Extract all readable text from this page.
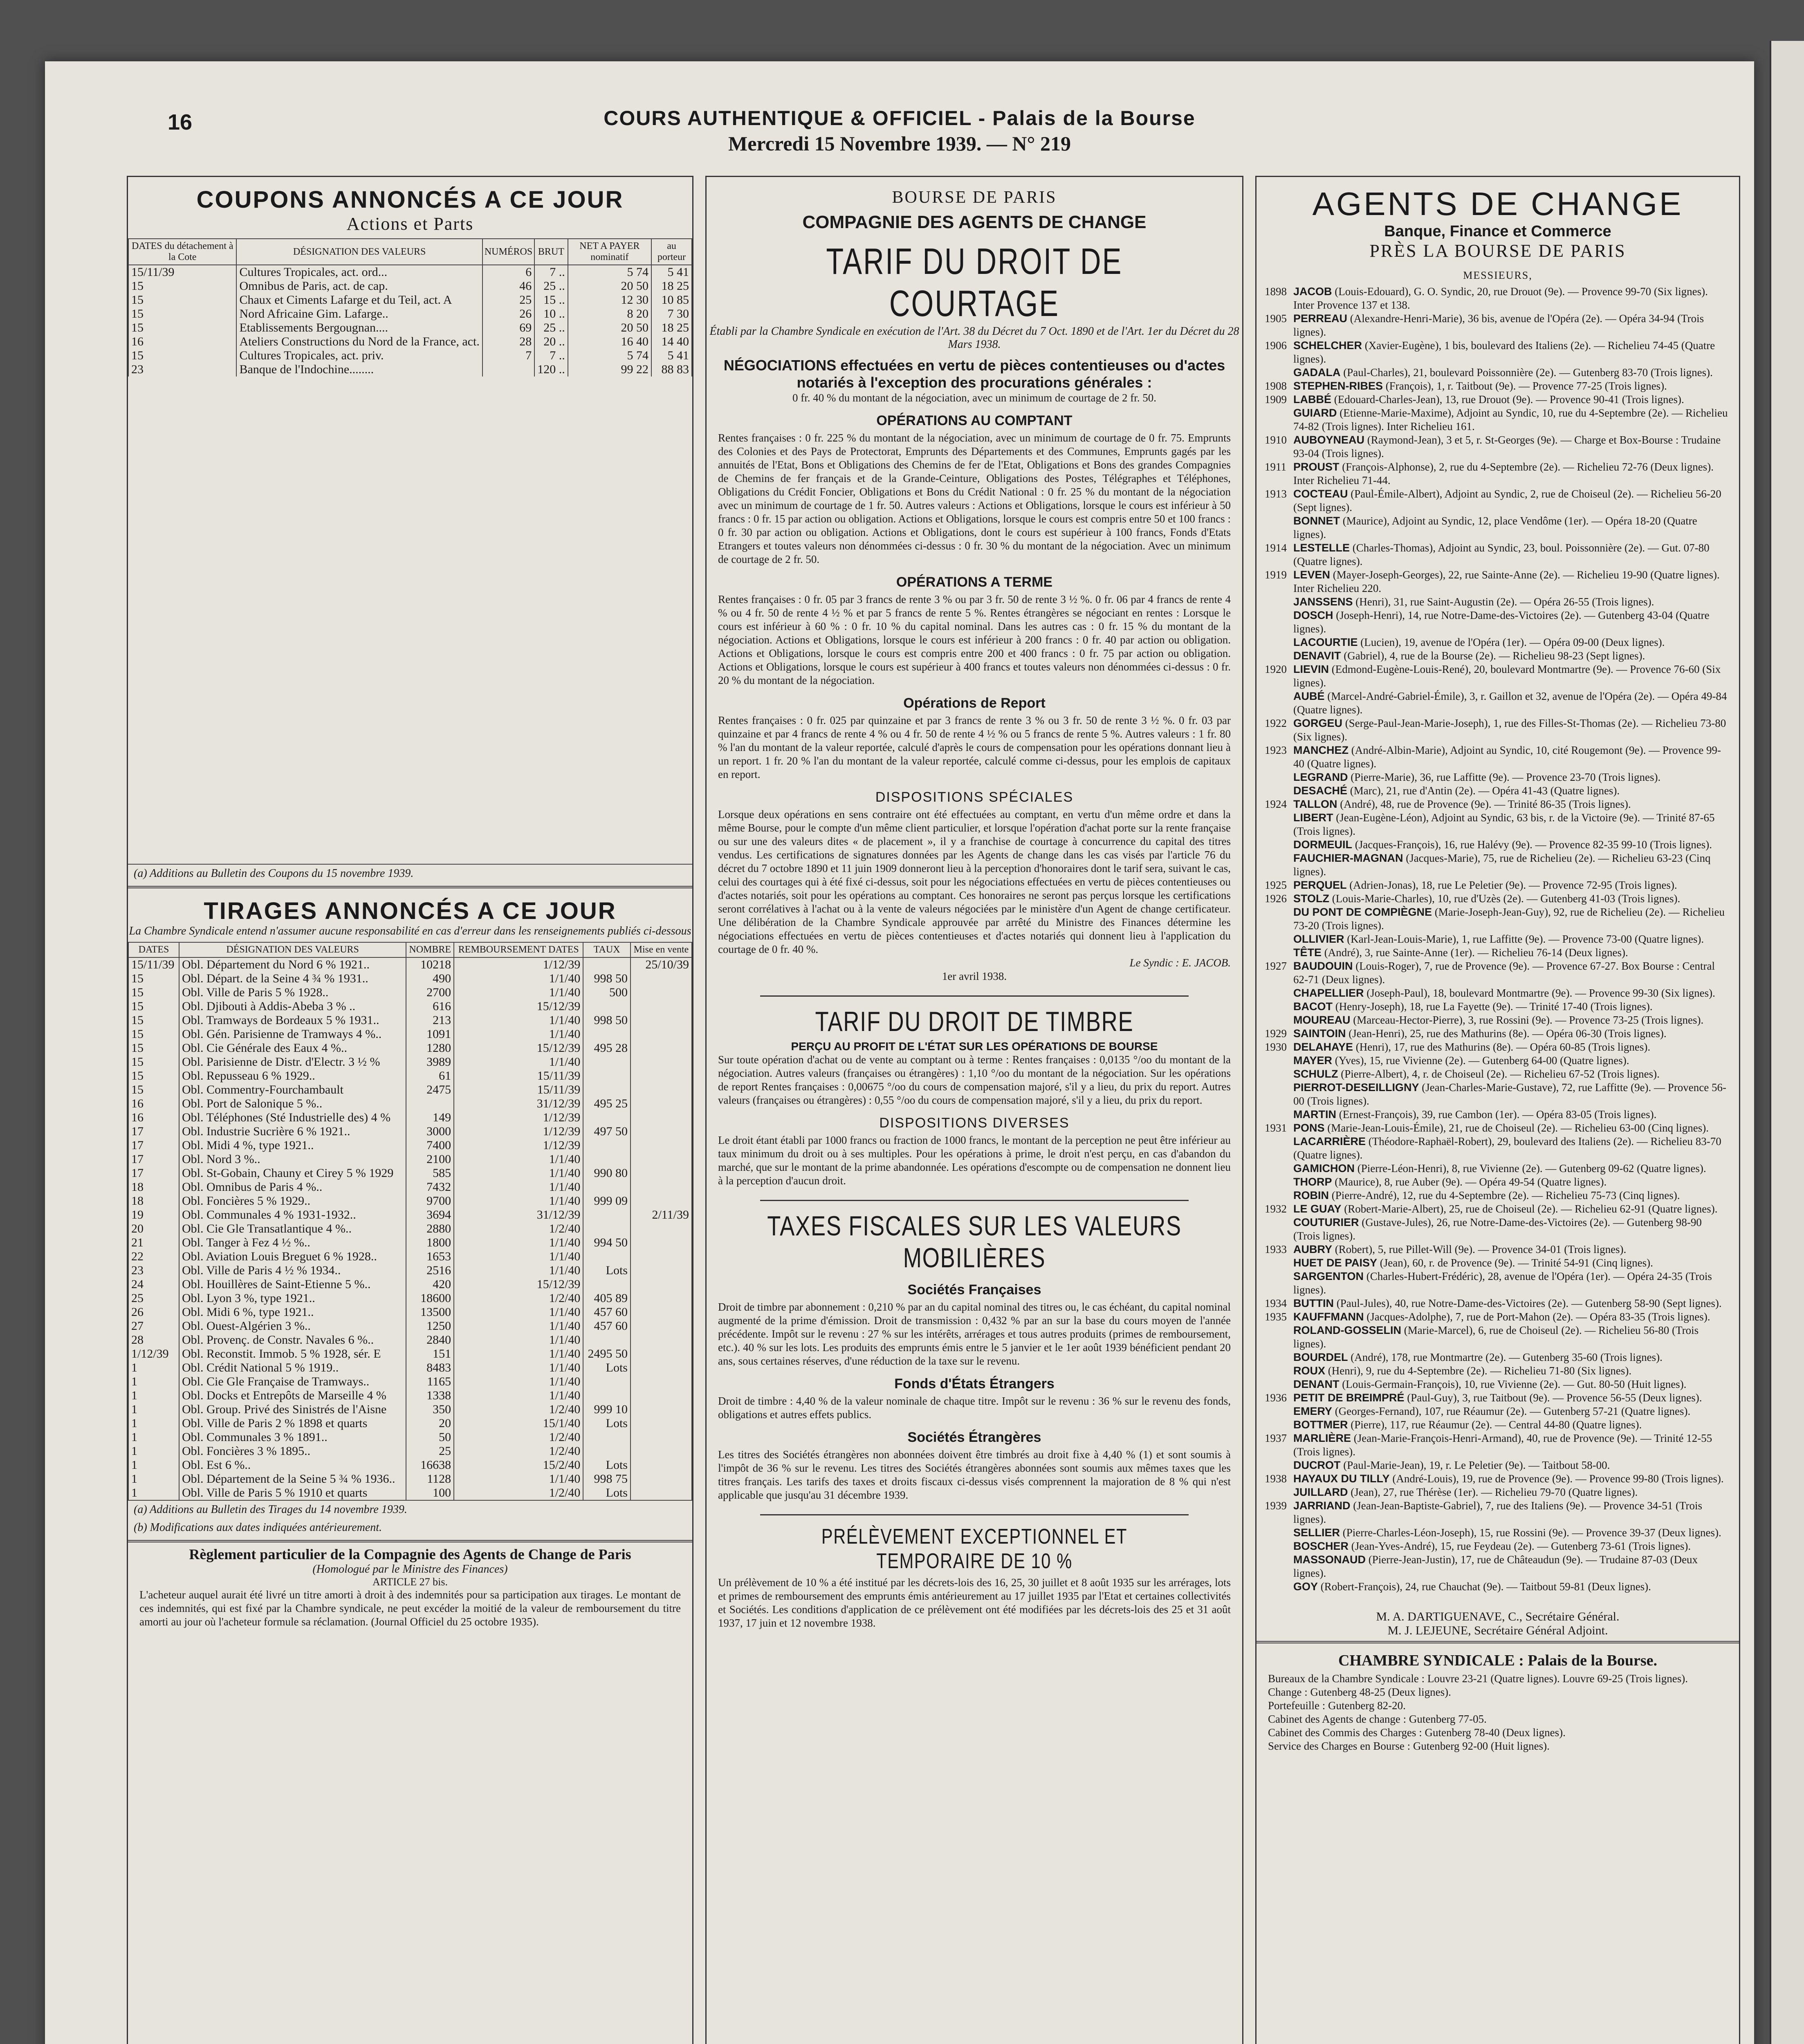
16	COURS AUTHENTIQUE & OFFICIEL - Palais de la Bourse
Mercredi 15 Novembre 1939. — N° 219
COUPONS ANNONCÉS A CE JOUR
Actions et Parts
DATES du détachement à la Cote	DÉSIGNATION DES VALEURS	NUMÉROS	BRUT	NET A PAYER nominatif	au porteur
15/11/39	Cultures Tropicales, act. ord...	6	7 ..	5 74	5 41
15	Omnibus de Paris, act. de cap.	46	25 ..	20 50	18 25
15	Chaux et Ciments Lafarge et du Teil, act. A	25	15 ..	12 30	10 85
15	Nord Africaine Gim. Lafarge..	26	10 ..	8 20	7 30
15	Etablissements Bergougnan....	69	25 ..	20 50	18 25
16	Ateliers Constructions du Nord de la France, act.	28	20 ..	16 40	14 40
15	Cultures Tropicales, act. priv.	7	7 ..	5 74	5 41
23	Banque de l'Indochine........		120 ..	99 22	88 83
(a) Additions au Bulletin des Coupons du 15 novembre 1939.
TIRAGES ANNONCÉS A CE JOUR
La Chambre Syndicale entend n'assumer aucune responsabilité en cas d'erreur dans les renseignements publiés ci-dessous
DATES	DÉSIGNATION DES VALEURS	NOMBRE	REMBOURSEMENT DATES	TAUX	Mise en vente
15/11/39	Obl. Département du Nord 6 % 1921..	10218	1/12/39		25/10/39
15	Obl. Départ. de la Seine 4 ¾ % 1931..	490	1/1/40	998 50	
15	Obl. Ville de Paris 5 % 1928..	2700	1/1/40	500	
15	Obl. Djibouti à Addis-Abeba 3 % ..	616	15/12/39		
15	Obl. Tramways de Bordeaux 5 % 1931..	213	1/1/40	998 50	
15	Obl. Gén. Parisienne de Tramways 4 %..	1091	1/1/40		
15	Obl. Cie Générale des Eaux 4 %..	1280	15/12/39	495 28	
15	Obl. Parisienne de Distr. d'Electr. 3 ½ %	3989	1/1/40		
15	Obl. Repusseau 6 % 1929..	61	15/11/39		
15	Obl. Commentry-Fourchambault	2475	15/11/39		
16	Obl. Port de Salonique 5 %..		31/12/39	495 25	
16	Obl. Téléphones (Sté Industrielle des) 4 %	149	1/12/39		
17	Obl. Industrie Sucrière 6 % 1921..	3000	1/12/39	497 50	
17	Obl. Midi 4 %, type 1921..	7400	1/12/39		
17	Obl. Nord 3 %..	2100	1/1/40		
17	Obl. St-Gobain, Chauny et Cirey 5 % 1929	585	1/1/40	990 80	
18	Obl. Omnibus de Paris 4 %..	7432	1/1/40		
18	Obl. Foncières 5 % 1929..	9700	1/1/40	999 09	
19	Obl. Communales 4 % 1931-1932..	3694	31/12/39		2/11/39
20	Obl. Cie Gle Transatlantique 4 %..	2880	1/2/40		
21	Obl. Tanger à Fez 4 ½ %..	1800	1/1/40	994 50	
22	Obl. Aviation Louis Breguet 6 % 1928..	1653	1/1/40		
23	Obl. Ville de Paris 4 ½ % 1934..	2516	1/1/40	Lots	
24	Obl. Houillères de Saint-Etienne 5 %..	420	15/12/39		
25	Obl. Lyon 3 %, type 1921..	18600	1/2/40	405 89	
26	Obl. Midi 6 %, type 1921..	13500	1/1/40	457 60	
27	Obl. Ouest-Algérien 3 %..	1250	1/1/40	457 60	
28	Obl. Provenç. de Constr. Navales 6 %..	2840	1/1/40		
1/12/39	Obl. Reconstit. Immob. 5 % 1928, sér. E	151	1/1/40	2495 50	
1	Obl. Crédit National 5 % 1919..	8483	1/1/40	Lots	
1	Obl. Cie Gle Française de Tramways..	1165	1/1/40		
1	Obl. Docks et Entrepôts de Marseille 4 %	1338	1/1/40		
1	Obl. Group. Privé des Sinistrés de l'Aisne	350	1/2/40	999 10	
1	Obl. Ville de Paris 2 % 1898 et quarts	20	15/1/40	Lots	
1	Obl. Communales 3 % 1891..	50	1/2/40		
1	Obl. Foncières 3 % 1895..	25	1/2/40		
1	Obl. Est 6 %..	16638	15/2/40	Lots	
1	Obl. Département de la Seine 5 ¾ % 1936..	1128	1/1/40	998 75	
1	Obl. Ville de Paris 5 % 1910 et quarts	100	1/2/40	Lots	
(a) Additions au Bulletin des Tirages du 14 novembre 1939.
(b) Modifications aux dates indiquées antérieurement.
Règlement particulier de la Compagnie des Agents de Change de Paris
(Homologué par le Ministre des Finances)
ARTICLE 27 bis.
L'acheteur auquel aurait été livré un titre amorti à droit à des indemnités pour sa participation aux tirages. Le montant de ces indemnités, qui est fixé par la Chambre syndicale, ne peut excéder la moitié de la valeur de remboursement du titre amorti au jour où l'acheteur formule sa réclamation. (Journal Officiel du 25 octobre 1935).
BOURSE DE PARIS
COMPAGNIE DES AGENTS DE CHANGE
TARIF DU DROIT DE COURTAGE
Établi par la Chambre Syndicale en exécution de l'Art. 38 du Décret du 7 Oct. 1890 et de l'Art. 1er du Décret du 28 Mars 1938.
NÉGOCIATIONS effectuées en vertu de pièces contentieuses ou d'actes notariés à l'exception des procurations générales :
0 fr. 40 % du montant de la négociation, avec un minimum de courtage de 2 fr. 50.
OPÉRATIONS AU COMPTANT
Rentes françaises : 0 fr. 225 % du montant de la négociation, avec un minimum de courtage de 0 fr. 75. Emprunts des Colonies et des Pays de Protectorat, Emprunts des Départements et des Communes, Emprunts gagés par les annuités de l'Etat, Bons et Obligations des Chemins de fer de l'Etat, Obligations et Bons des grandes Compagnies de Chemins de fer français et de la Grande-Ceinture, Obligations des Postes, Télégraphes et Téléphones, Obligations du Crédit Foncier, Obligations et Bons du Crédit National : 0 fr. 25 % du montant de la négociation avec un minimum de courtage de 1 fr. 50. Autres valeurs : Actions et Obligations, lorsque le cours est inférieur à 50 francs : 0 fr. 15 par action ou obligation. Actions et Obligations, lorsque le cours est compris entre 50 et 100 francs : 0 fr. 30 par action ou obligation. Actions et Obligations, dont le cours est supérieur à 100 francs, Fonds d'Etats Etrangers et toutes valeurs non dénommées ci-dessus : 0 fr. 30 % du montant de la négociation. Avec un minimum de courtage de 2 fr. 50.
OPÉRATIONS A TERME
Rentes françaises : 0 fr. 05 par 3 francs de rente 3 % ou par 3 fr. 50 de rente 3 ½ %. 0 fr. 06 par 4 francs de rente 4 % ou 4 fr. 50 de rente 4 ½ % et par 5 francs de rente 5 %. Rentes étrangères se négociant en rentes : Lorsque le cours est inférieur à 60 % : 0 fr. 10 % du capital nominal. Dans les autres cas : 0 fr. 15 % du montant de la négociation. Actions et Obligations, lorsque le cours est inférieur à 200 francs : 0 fr. 40 par action ou obligation. Actions et Obligations, lorsque le cours est compris entre 200 et 400 francs : 0 fr. 75 par action ou obligation. Actions et Obligations, lorsque le cours est supérieur à 400 francs et toutes valeurs non dénommées ci-dessus : 0 fr. 20 % du montant de la négociation.
Opérations de Report
Rentes françaises : 0 fr. 025 par quinzaine et par 3 francs de rente 3 % ou 3 fr. 50 de rente 3 ½ %. 0 fr. 03 par quinzaine et par 4 francs de rente 4 % ou 4 fr. 50 de rente 4 ½ % ou 5 francs de rente 5 %. Autres valeurs : 1 fr. 80 % l'an du montant de la valeur reportée, calculé d'après le cours de compensation pour les opérations donnant lieu à un report. 1 fr. 20 % l'an du montant de la valeur reportée, calculé comme ci-dessus, pour les emplois de capitaux en report.
DISPOSITIONS SPÉCIALES
Lorsque deux opérations en sens contraire ont été effectuées au comptant, en vertu d'un même ordre et dans la même Bourse, pour le compte d'un même client particulier, et lorsque l'opération d'achat porte sur la rente française ou sur une des valeurs dites « de placement », il y a franchise de courtage à concurrence du capital des titres vendus. Les certifications de signatures données par les Agents de change dans les cas visés par l'article 76 du décret du 7 octobre 1890 et 11 juin 1909 donneront lieu à la perception d'honoraires dont le tarif sera, suivant le cas, celui des courtages qui à été fixé ci-dessus, soit pour les négociations effectuées en vertu de pièces contentieuses ou d'actes notariés, soit pour les opérations au comptant. Ces honoraires ne seront pas perçus lorsque les certifications seront corrélatives à l'achat ou à la vente de valeurs négociées par le ministère d'un Agent de change certificateur. Une délibération de la Chambre Syndicale approuvée par arrêté du Ministre des Finances détermine les négociations effectuées en vertu de pièces contentieuses et d'actes notariés qui donnent lieu à l'application du courtage de 0 fr. 40 %.
Le Syndic : E. JACOB.
1er avril 1938.
TARIF DU DROIT DE TIMBRE
PERÇU AU PROFIT DE L'ÉTAT SUR LES OPÉRATIONS DE BOURSE
Sur toute opération d'achat ou de vente au comptant ou à terme : Rentes françaises : 0,0135 °/oo du montant de la négociation. Autres valeurs (françaises ou étrangères) : 1,10 °/oo du montant de la négociation. Sur les opérations de report Rentes françaises : 0,00675 °/oo du cours de compensation majoré, s'il y a lieu, du prix du report. Autres valeurs (françaises ou étrangères) : 0,55 °/oo du cours de compensation majoré, s'il y a lieu, du prix du report.
DISPOSITIONS DIVERSES
Le droit étant établi par 1000 francs ou fraction de 1000 francs, le montant de la perception ne peut être inférieur au taux minimum du droit ou à ses multiples. Pour les opérations à prime, le droit n'est perçu, en cas d'abandon du marché, que sur le montant de la prime abandonnée. Les opérations d'escompte ou de compensation ne donnent lieu à la perception d'aucun droit.
TAXES FISCALES SUR LES VALEURS MOBILIÈRES
Sociétés Françaises
Droit de timbre par abonnement : 0,210 % par an du capital nominal des titres ou, le cas échéant, du capital nominal augmenté de la prime d'émission. Droit de transmission : 0,432 % par an sur la base du cours moyen de l'année précédente. Impôt sur le revenu : 27 % sur les intérêts, arrérages et tous autres produits (primes de remboursement, etc.). 40 % sur les lots. Les produits des emprunts émis entre le 5 janvier et le 1er août 1939 bénéficient pendant 20 ans, sous certaines réserves, d'une réduction de la taxe sur le revenu.
Fonds d'États Étrangers
Droit de timbre : 4,40 % de la valeur nominale de chaque titre. Impôt sur le revenu : 36 % sur le revenu des fonds, obligations et autres effets publics.
Sociétés Étrangères
Les titres des Sociétés étrangères non abonnées doivent être timbrés au droit fixe à 4,40 % (1) et sont soumis à l'impôt de 36 % sur le revenu. Les titres des Sociétés étrangères abonnées sont soumis aux mêmes taxes que les titres français. Les tarifs des taxes et droits fiscaux ci-dessus visés comprennent la majoration de 8 % qui n'est applicable que jusqu'au 31 décembre 1939.
PRÉLÈVEMENT EXCEPTIONNEL ET TEMPORAIRE DE 10 %
Un prélèvement de 10 % a été institué par les décrets-lois des 16, 25, 30 juillet et 8 août 1935 sur les arrérages, lots et primes de remboursement des emprunts émis antérieurement au 17 juillet 1935 par l'Etat et certaines collectivités et Sociétés. Les conditions d'application de ce prélèvement ont été modifiées par les décrets-lois des 25 et 31 août 1937, 17 juin et 12 novembre 1938.
AGENTS DE CHANGE
Banque, Finance et Commerce
PRÈS LA BOURSE DE PARIS
MESSIEURS,

1898 JACOB (Louis-Edouard), G. O. Syndic, 20, rue Drouot (9e). — Provence 99-70 (Six lignes). Inter Provence 137 et 138.

1905 PERREAU (Alexandre-Henri-Marie), 36 bis, avenue de l'Opéra (2e). — Opéra 34-94 (Trois lignes).

1906 SCHELCHER (Xavier-Eugène), 1 bis, boulevard des Italiens (2e). — Richelieu 74-45 (Quatre lignes).

GADALA (Paul-Charles), 21, boulevard Poissonnière (2e). — Gutenberg 83-70 (Trois lignes).

1908 STEPHEN-RIBES (François), 1, r. Taitbout (9e). — Provence 77-25 (Trois lignes).

1909 LABBÉ (Edouard-Charles-Jean), 13, rue Drouot (9e). — Provence 90-41 (Trois lignes).

GUIARD (Etienne-Marie-Maxime), Adjoint au Syndic, 10, rue du 4-Septembre (2e). — Richelieu 74-82 (Trois lignes). Inter Richelieu 161.

1910 AUBOYNEAU (Raymond-Jean), 3 et 5, r. St-Georges (9e). — Charge et Box-Bourse : Trudaine 93-04 (Trois lignes).

1911 PROUST (François-Alphonse), 2, rue du 4-Septembre (2e). — Richelieu 72-76 (Deux lignes). Inter Richelieu 71-44.

1913 COCTEAU (Paul-Émile-Albert), Adjoint au Syndic, 2, rue de Choiseul (2e). — Richelieu 56-20 (Sept lignes).

BONNET (Maurice), Adjoint au Syndic, 12, place Vendôme (1er). — Opéra 18-20 (Quatre lignes).

1914 LESTELLE (Charles-Thomas), Adjoint au Syndic, 23, boul. Poissonnière (2e). — Gut. 07-80 (Quatre lignes).

1919 LEVEN (Mayer-Joseph-Georges), 22, rue Sainte-Anne (2e). — Richelieu 19-90 (Quatre lignes). Inter Richelieu 220.

JANSSENS (Henri), 31, rue Saint-Augustin (2e). — Opéra 26-55 (Trois lignes).

DOSCH (Joseph-Henri), 14, rue Notre-Dame-des-Victoires (2e). — Gutenberg 43-04 (Quatre lignes).

LACOURTIE (Lucien), 19, avenue de l'Opéra (1er). — Opéra 09-00 (Deux lignes).

DENAVIT (Gabriel), 4, rue de la Bourse (2e). — Richelieu 98-23 (Sept lignes).

1920 LIEVIN (Edmond-Eugène-Louis-René), 20, boulevard Montmartre (9e). — Provence 76-60 (Six lignes).

AUBÉ (Marcel-André-Gabriel-Émile), 3, r. Gaillon et 32, avenue de l'Opéra (2e). — Opéra 49-84 (Quatre lignes).

1922 GORGEU (Serge-Paul-Jean-Marie-Joseph), 1, rue des Filles-St-Thomas (2e). — Richelieu 73-80 (Six lignes).

1923 MANCHEZ (André-Albin-Marie), Adjoint au Syndic, 10, cité Rougemont (9e). — Provence 99-40 (Quatre lignes).

LEGRAND (Pierre-Marie), 36, rue Laffitte (9e). — Provence 23-70 (Trois lignes).

DESACHÉ (Marc), 21, rue d'Antin (2e). — Opéra 41-43 (Quatre lignes).

1924 TALLON (André), 48, rue de Provence (9e). — Trinité 86-35 (Trois lignes).

LIBERT (Jean-Eugène-Léon), Adjoint au Syndic, 63 bis, r. de la Victoire (9e). — Trinité 87-65 (Trois lignes).

DORMEUIL (Jacques-François), 16, rue Halévy (9e). — Provence 82-35 99-10 (Trois lignes).

FAUCHIER-MAGNAN (Jacques-Marie), 75, rue de Richelieu (2e). — Richelieu 63-23 (Cinq lignes).

1925 PERQUEL (Adrien-Jonas), 18, rue Le Peletier (9e). — Provence 72-95 (Trois lignes).

1926 STOLZ (Louis-Marie-Charles), 10, rue d'Uzès (2e). — Gutenberg 41-03 (Trois lignes).

DU PONT DE COMPIÈGNE (Marie-Joseph-Jean-Guy), 92, rue de Richelieu (2e). — Richelieu 73-20 (Trois lignes).

OLLIVIER (Karl-Jean-Louis-Marie), 1, rue Laffitte (9e). — Provence 73-00 (Quatre lignes).

TÊTE (André), 3, rue Sainte-Anne (1er). — Richelieu 76-14 (Deux lignes).

1927 BAUDOUIN (Louis-Roger), 7, rue de Provence (9e). — Provence 67-27. Box Bourse : Central 62-71 (Deux lignes).

CHAPELLIER (Joseph-Paul), 18, boulevard Montmartre (9e). — Provence 99-30 (Six lignes).

BACOT (Henry-Joseph), 18, rue La Fayette (9e). — Trinité 17-40 (Trois lignes).

MOUREAU (Marceau-Hector-Pierre), 3, rue Rossini (9e). — Provence 73-25 (Trois lignes).

1929 SAINTOIN (Jean-Henri), 25, rue des Mathurins (8e). — Opéra 06-30 (Trois lignes).

1930 DELAHAYE (Henri), 17, rue des Mathurins (8e). — Opéra 60-85 (Trois lignes).

MAYER (Yves), 15, rue Vivienne (2e). — Gutenberg 64-00 (Quatre lignes).

SCHULZ (Pierre-Albert), 4, r. de Choiseul (2e). — Richelieu 67-52 (Trois lignes).

PIERROT-DESEILLIGNY (Jean-Charles-Marie-Gustave), 72, rue Laffitte (9e). — Provence 56-00 (Trois lignes).

MARTIN (Ernest-François), 39, rue Cambon (1er). — Opéra 83-05 (Trois lignes).

1931 PONS (Marie-Jean-Louis-Émile), 21, rue de Choiseul (2e). — Richelieu 63-00 (Cinq lignes).

LACARRIÈRE (Théodore-Raphaël-Robert), 29, boulevard des Italiens (2e). — Richelieu 83-70 (Quatre lignes).

GAMICHON (Pierre-Léon-Henri), 8, rue Vivienne (2e). — Gutenberg 09-62 (Quatre lignes).

THORP (Maurice), 8, rue Auber (9e). — Opéra 49-54 (Quatre lignes).

ROBIN (Pierre-André), 12, rue du 4-Septembre (2e). — Richelieu 75-73 (Cinq lignes).

1932 LE GUAY (Robert-Marie-Albert), 25, rue de Choiseul (2e). — Richelieu 62-91 (Quatre lignes).

COUTURIER (Gustave-Jules), 26, rue Notre-Dame-des-Victoires (2e). — Gutenberg 98-90 (Trois lignes).

1933 AUBRY (Robert), 5, rue Pillet-Will (9e). — Provence 34-01 (Trois lignes).

HUET DE PAISY (Jean), 60, r. de Provence (9e). — Trinité 54-91 (Cinq lignes).

SARGENTON (Charles-Hubert-Frédéric), 28, avenue de l'Opéra (1er). — Opéra 24-35 (Trois lignes).

1934 BUTTIN (Paul-Jules), 40, rue Notre-Dame-des-Victoires (2e). — Gutenberg 58-90 (Sept lignes).

1935 KAUFFMANN (Jacques-Adolphe), 7, rue de Port-Mahon (2e). — Opéra 83-35 (Trois lignes).

ROLAND-GOSSELIN (Marie-Marcel), 6, rue de Choiseul (2e). — Richelieu 56-80 (Trois lignes).

BOURDEL (André), 178, rue Montmartre (2e). — Gutenberg 35-60 (Trois lignes).

ROUX (Henri), 9, rue du 4-Septembre (2e). — Richelieu 71-80 (Six lignes).

DENANT (Louis-Germain-François), 10, rue Vivienne (2e). — Gut. 80-50 (Huit lignes).

1936 PETIT DE BREIMPRÉ (Paul-Guy), 3, rue Taitbout (9e). — Provence 56-55 (Deux lignes).

EMERY (Georges-Fernand), 107, rue Réaumur (2e). — Gutenberg 57-21 (Quatre lignes).

BOTTMER (Pierre), 117, rue Réaumur (2e). — Central 44-80 (Quatre lignes).

1937 MARLIÈRE (Jean-Marie-François-Henri-Armand), 40, rue de Provence (9e). — Trinité 12-55 (Trois lignes).

DUCROT (Paul-Marie-Jean), 19, r. Le Peletier (9e). — Taitbout 58-00.

1938 HAYAUX DU TILLY (André-Louis), 19, rue de Provence (9e). — Provence 99-80 (Trois lignes).

JUILLARD (Jean), 27, rue Thérèse (1er). — Richelieu 79-70 (Quatre lignes).

1939 JARRIAND (Jean-Jean-Baptiste-Gabriel), 7, rue des Italiens (9e). — Provence 34-51 (Trois lignes).

SELLIER (Pierre-Charles-Léon-Joseph), 15, rue Rossini (9e). — Provence 39-37 (Deux lignes).

BOSCHER (Jean-Yves-André), 15, rue Feydeau (2e). — Gutenberg 73-61 (Trois lignes).

MASSONAUD (Pierre-Jean-Justin), 17, rue de Châteaudun (9e). — Trudaine 87-03 (Deux lignes).

GOY (Robert-François), 24, rue Chauchat (9e). — Taitbout 59-81 (Deux lignes).

M. A. DARTIGUENAVE, C., Secrétaire Général.
M. J. LEJEUNE, Secrétaire Général Adjoint.
CHAMBRE SYNDICALE : Palais de la Bourse.
Bureaux de la Chambre Syndicale : Louvre 23-21 (Quatre lignes). Louvre 69-25 (Trois lignes).
Change : Gutenberg 48-25 (Deux lignes).
Portefeuille : Gutenberg 82-20.
Cabinet des Agents de change : Gutenberg 77-05.
Cabinet des Commis des Charges : Gutenberg 78-40 (Deux lignes).
Service des Charges en Bourse : Gutenberg 92-00 (Huit lignes).
